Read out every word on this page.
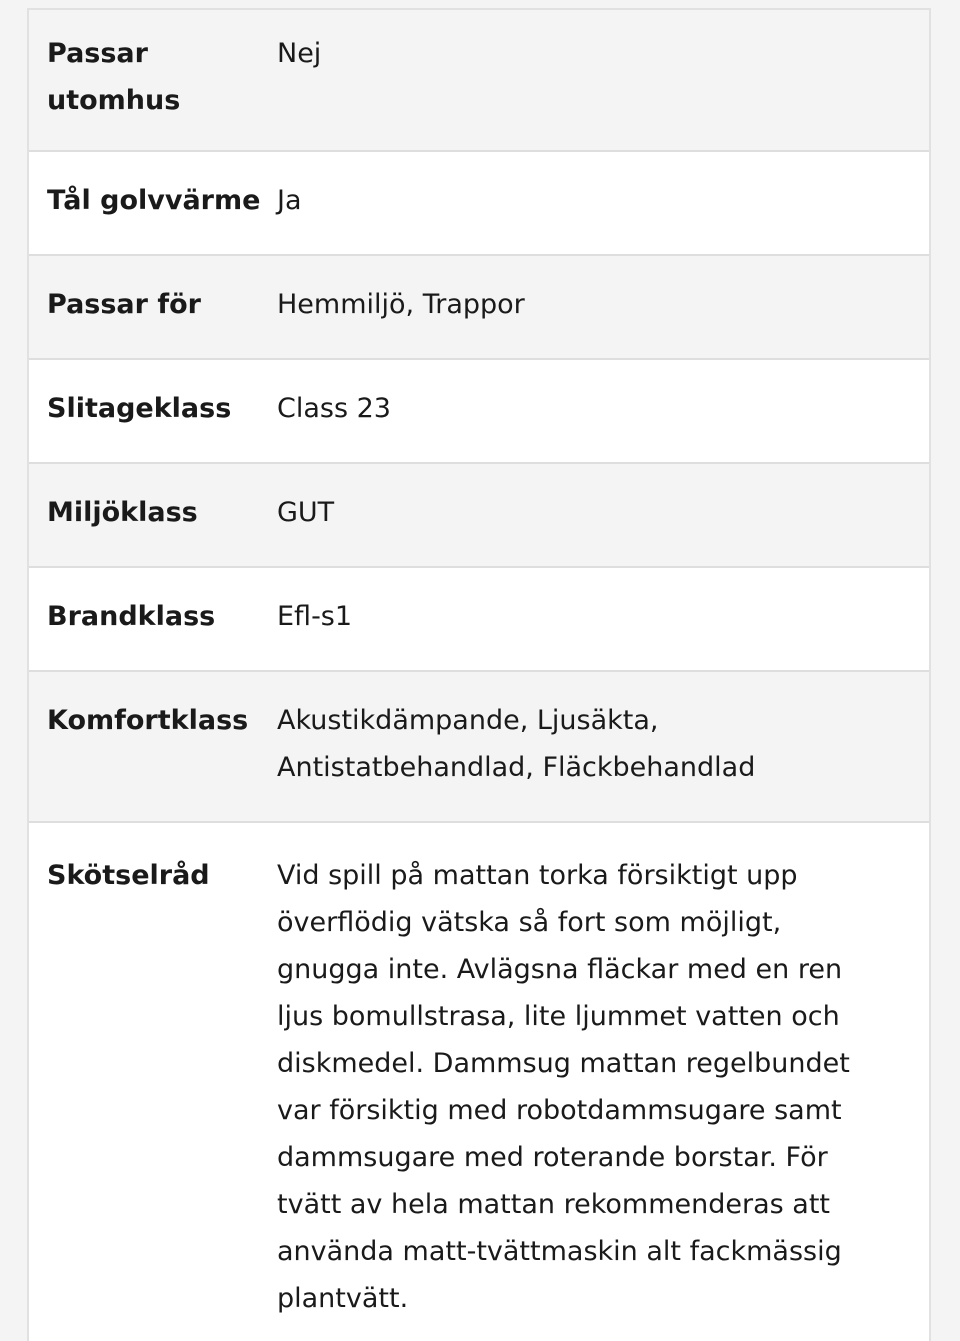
Passar utomhus	Nej

Tål golvvärme	Ja

Passar för	Hemmiljö, Trappor

Slitageklass	Class 23

Miljöklass	GUT

Brandklass	Efl-s1

Komfortklass	Akustikdämpande, Ljusäkta, Antistatbehandlad, Fläckbehandlad

Skötselråd	Vid spill på mattan torka försiktigt upp överflödig vätska så fort som möjligt, gnugga inte. Avlägsna fläckar med en ren ljus bomullstrasa, lite ljummet vatten och diskmedel. Dammsug mattan regelbundet var försiktig med robotdammsugare samt dammsugare med roterande borstar. För tvätt av hela mattan rekommenderas att använda matt-tvättmaskin alt fackmässig plantvätt.
